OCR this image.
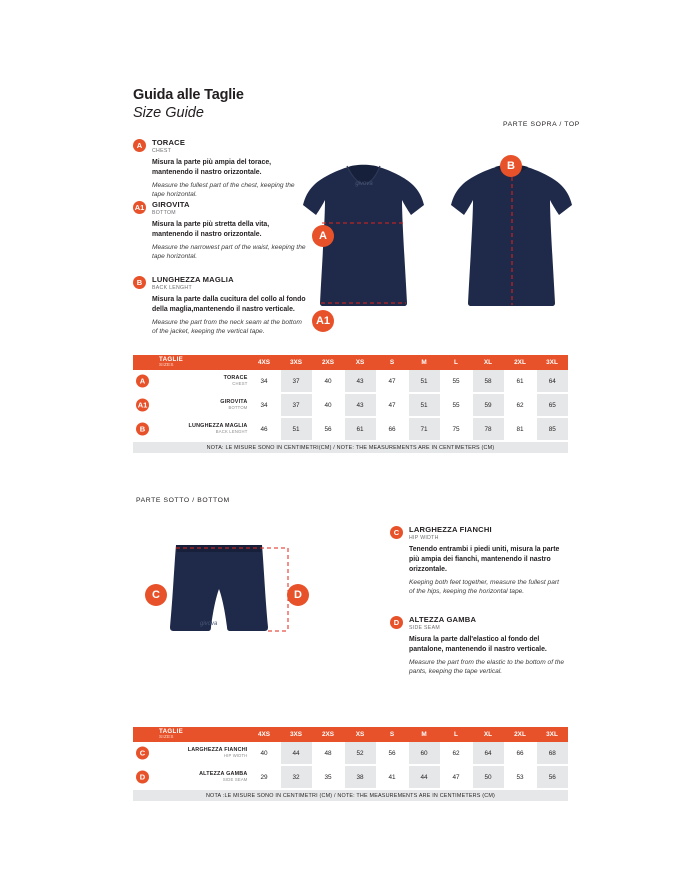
Guida alle Taglie
Size Guide
PARTE SOPRA / TOP
PARTE SOTTO / BOTTOM
A	TORACE
CHEST
Misura la parte più ampia del torace, mantenendo il nastro orizzontale.
Measure the fullest part of the chest, keeping the tape horizontal.
A1 GIROVITA
BOTTOM
Misura la parte più stretta della vita, mantenendo il nastro orizzontale.
Measure the narrowest part of the waist, keeping the tape horizontal.
B	LUNGHEZZA MAGLIA
BACK LENGHT
Misura la parte dalla cucitura del collo al fondo della maglia,mantenendo il nastro verticale.
Measure the part from the neck seam at the bottom of the jacket, keeping the vertical tape.
givova
A
B
A1
TAGLIE
SIZES	4XS	3XS	2XS	XS	S	M	L	XL	2XL	3XL

A TORACE
CHEST	34	37	40	43	47	51	55	58	61	64

A1 GIROVITA
BOTTOM	34	37	40	43	47	51	55	59	62	65

B LUNGHEZZA MAGLIA
BACK LENGHT	46	51	56	61	66	71	75	78	81	85

NOTA: LE MISURE SONO IN CENTIMETRI(CM) / NOTE: THE MEASUREMENTS ARE IN CENTIMETERS (CM)										
C	LARGHEZZA FIANCHI
HIP WIDTH
Tenendo entrambi i piedi uniti, misura la parte più ampia dei fianchi, mantenendo il nastro orizzontale.
Keeping both feet together, measure the fullest part of the hips, keeping the horizontal tape.
D	ALTEZZA GAMBA
SIDE SEAM
Misura la parte dall'elastico al fondo del pantalone, mantenendo il nastro verticale.
Measure the part from the elastic to the bottom of the pants, keeping the tape vertical.
givova
C	D
TAGLIE
SIZES	4XS	3XS	2XS	XS	S	M	L	XL	2XL	3XL

C LARGHEZZA FIANCHI
HIP WIDTH	40	44	48	52	56	60	62	64	66	68

D ALTEZZA GAMBA
SIDE SEAM	29	32	35	38	41	44	47	50	53	56

NOTA :LE MISURE SONO IN CENTIMETRI (CM) / NOTE: THE MEASUREMENTS ARE IN CENTIMETERS (CM)										
